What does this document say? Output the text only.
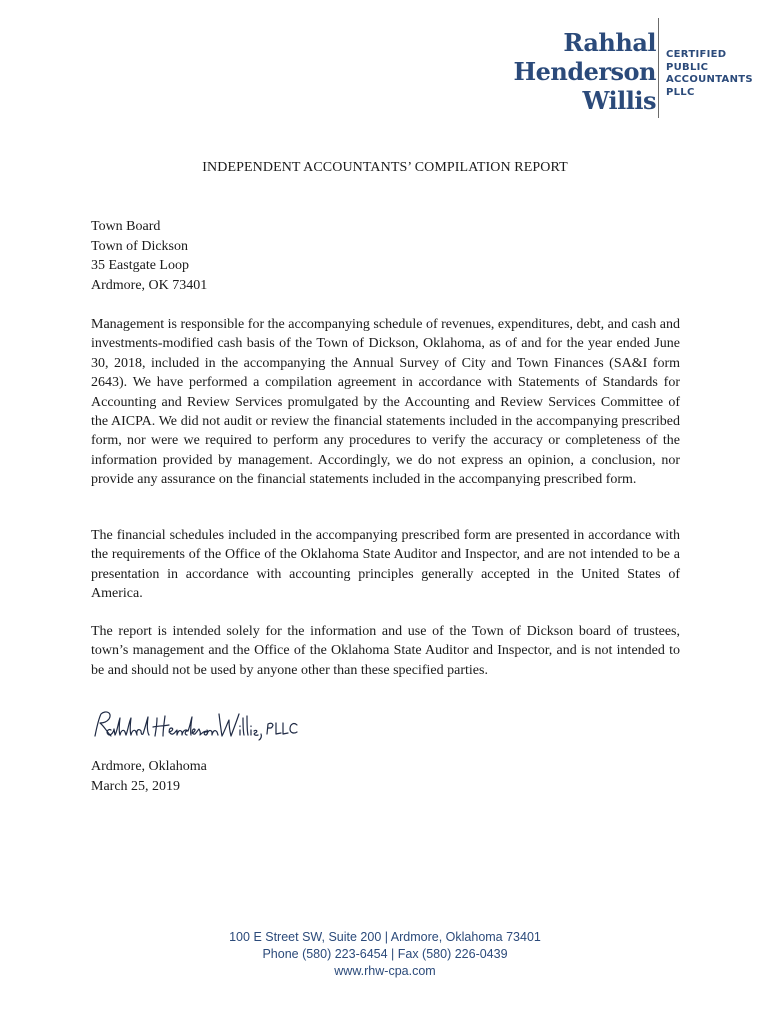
Rahhal
Henderson
Willis
CERTIFIED
PUBLIC
ACCOUNTANTS
PLLC
INDEPENDENT ACCOUNTANTS’ COMPILATION REPORT
Town Board
Town of Dickson
35 Eastgate Loop
Ardmore, OK 73401

Management is responsible for the accompanying schedule of revenues, expenditures, debt, and cash and investments-modified cash basis of the Town of Dickson, Oklahoma, as of and for the year ended June 30, 2018, included in the accompanying the Annual Survey of City and Town Finances (SA&I form 2643). We have performed a compilation agreement in accordance with Statements of Standards for Accounting and Review Services promulgated by the Accounting and Review Services Committee of the AICPA. We did not audit or review the financial statements included in the accompanying prescribed form, nor were we required to perform any procedures to verify the accuracy or completeness of the information provided by management. Accordingly, we do not express an opinion, a conclusion, nor provide any assurance on the financial statements included in the accompanying prescribed form.

The financial schedules included in the accompanying prescribed form are presented in accordance with the requirements of the Office of the Oklahoma State Auditor and Inspector, and are not intended to be a presentation in accordance with accounting principles generally accepted in the United States of America.

The report is intended solely for the information and use of the Town of Dickson board of trustees, town’s management and the Office of the Oklahoma State Auditor and Inspector, and is not intended to be and should not be used by anyone other than these specified parties.

Ardmore, Oklahoma
March 25, 2019
100 E Street SW, Suite 200 | Ardmore, Oklahoma 73401
Phone (580) 223-6454 | Fax (580) 226-0439
www.rhw-cpa.com
